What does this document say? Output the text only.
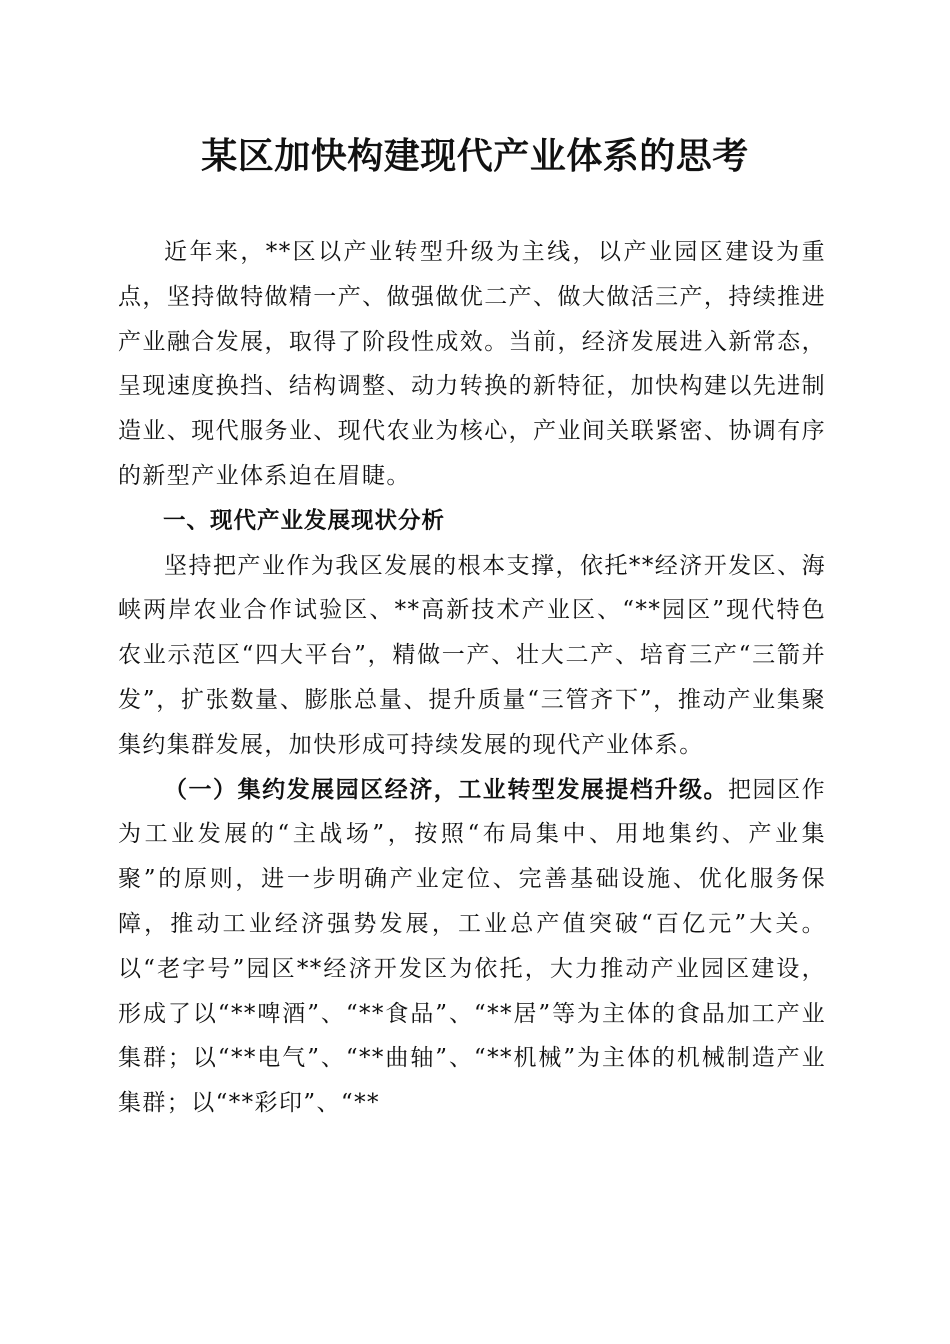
某区加快构建现代产业体系的思考

近年来，**区以产业转型升级为主线，以产业园区建设为重点，坚持做特做精一产、做强做优二产、做大做活三产，持续推进产业融合发展，取得了阶段性成效。当前，经济发展进入新常态，呈现速度换挡、结构调整、动力转换的新特征，加快构建以先进制造业、现代服务业、现代农业为核心，产业间关联紧密、协调有序的新型产业体系迫在眉睫。

一、现代产业发展现状分析

坚持把产业作为我区发展的根本支撑，依托**经济开发区、海峡两岸农业合作试验区、**高新技术产业区、“**园区”现代特色农业示范区“四大平台”，精做一产、壮大二产、培育三产“三箭并发”，扩张数量、膨胀总量、提升质量“三管齐下”，推动产业集聚集约集群发展，加快形成可持续发展的现代产业体系。

（一）集约发展园区经济，工业转型发展提档升级。把园区作为工业发展的“主战场”，按照“布局集中、用地集约、产业集聚”的原则，进一步明确产业定位、完善基础设施、优化服务保障，推动工业经济强势发展，工业总产值突破“百亿元”大关。以“老字号”园区**经济开发区为依托，大力推动产业园区建设，形成了以“**啤酒”、“**食品”、“**居”等为主体的食品加工产业集群；以“**电气”、“**曲轴”、“**机械”为主体的机械制造产业集群；以“**彩印”、“**
